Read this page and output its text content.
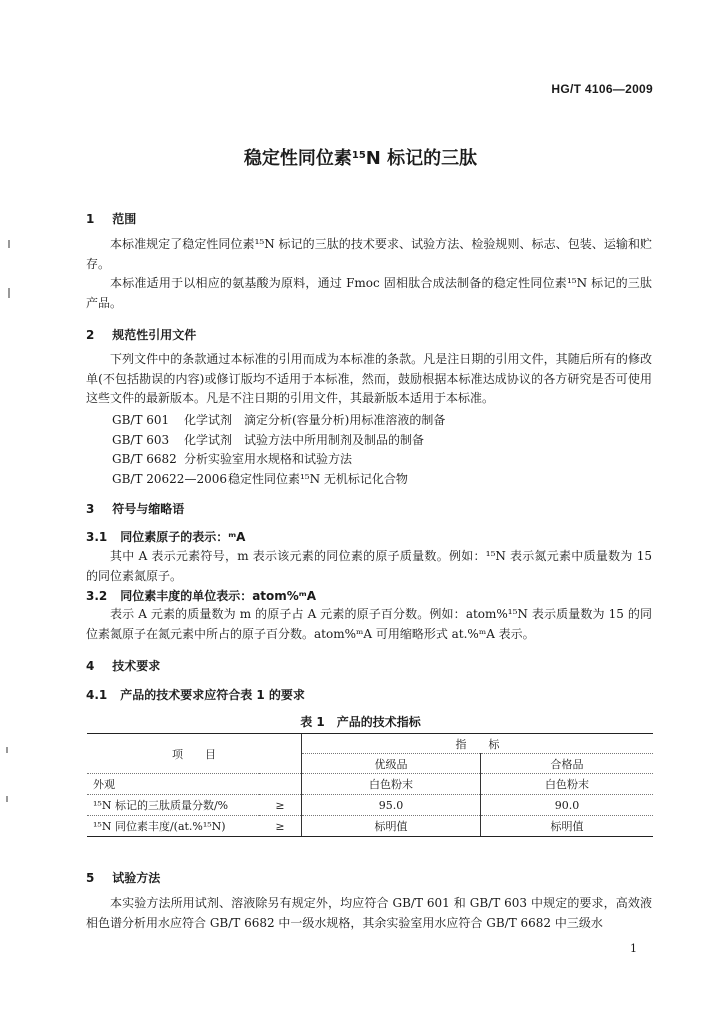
HG/T 4106—2009
稳定性同位素$^{15}$N 标记的三肽
1 范围
本标准规定了稳定性同位素¹⁵N 标记的三肽的技术要求、试验方法、检验规则、标志、包装、运输和贮存。
本标准适用于以相应的氨基酸为原料，通过 Fmoc 固相肽合成法制备的稳定性同位素¹⁵N 标记的三肽产品。
2 规范性引用文件
下列文件中的条款通过本标准的引用而成为本标准的条款。凡是注日期的引用文件，其随后所有的修改单(不包括勘误的内容)或修订版均不适用于本标准，然而，鼓励根据本标准达成协议的各方研究是否可使用这些文件的最新版本。凡是不注日期的引用文件，其最新版本适用于本标准。
GB/T 601 化学试剂　滴定分析(容量分析)用标准溶液的制备
GB/T 603 化学试剂　试验方法中所用制剂及制品的制备
GB/T 6682 分析实验室用水规格和试验方法
GB/T 20622—2006稳定性同位素¹⁵N 无机标记化合物
3 符号与缩略语
3.1 同位素原子的表示：ᵐA
其中 A 表示元素符号，m 表示该元素的同位素的原子质量数。例如：¹⁵N 表示氮元素中质量数为 15 的同位素氮原子。
3.2 同位素丰度的单位表示：atom%ᵐA
表示 A 元素的质量数为 m 的原子占 A 元素的原子百分数。例如：atom%¹⁵N 表示质量数为 15 的同位素氮原子在氮元素中所占的原子百分数。atom%ᵐA 可用缩略形式 at.%ᵐA 表示。
4 技术要求
4.1 产品的技术要求应符合表 1 的要求
表 1　产品的技术指标
项　　目		指　　标	
		优级品	合格品
外观		白色粉末	白色粉末
¹⁵N 标记的三肽质量分数/%	≥	95.0	90.0
¹⁵N 同位素丰度/(at.%¹⁵N)	≥	标明值	标明值
5 试验方法
本实验方法所用试剂、溶液除另有规定外，均应符合 GB/T 601 和 GB/T 603 中规定的要求，高效液相色谱分析用水应符合 GB/T 6682 中一级水规格，其余实验室用水应符合 GB/T 6682 中三级水
1
